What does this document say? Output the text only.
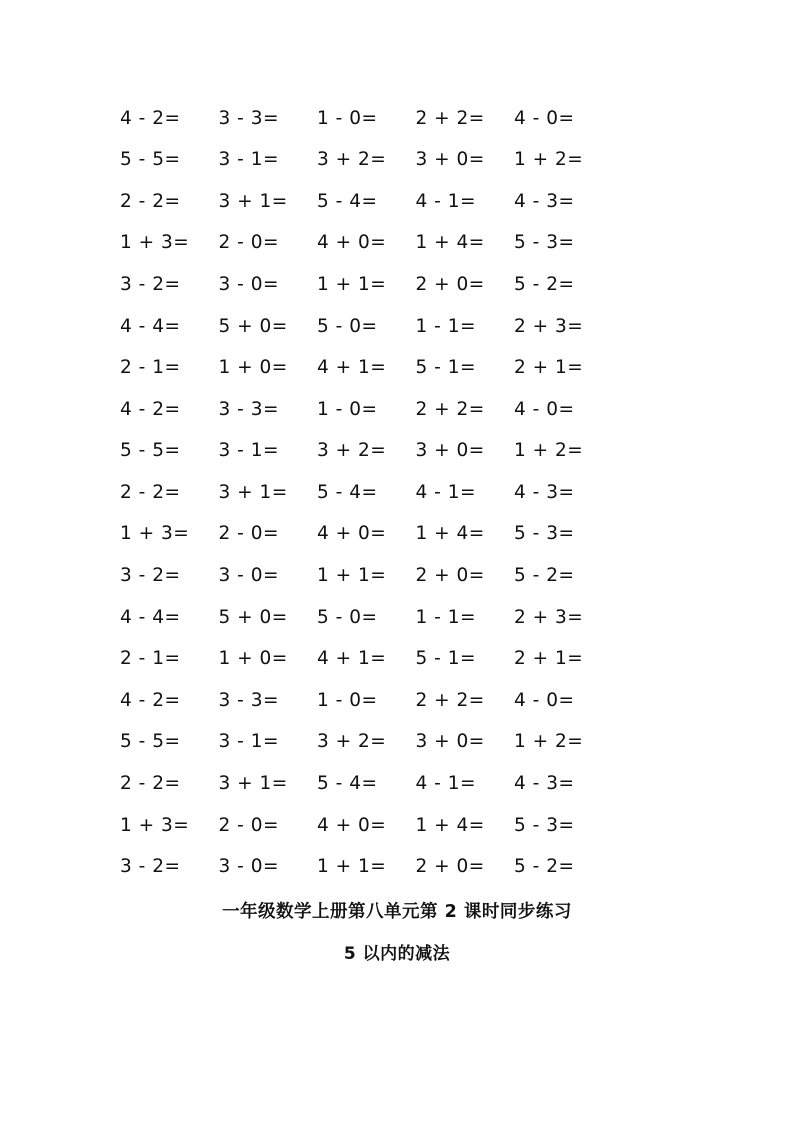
4 - 2=	3 - 3=	1 - 0=	2 + 2=	4 - 0=
5 - 5=	3 - 1=	3 + 2=	3 + 0=	1 + 2=
2 - 2=	3 + 1=	5 - 4=	4 - 1=	4 - 3=
1 + 3=	2 - 0=	4 + 0=	1 + 4=	5 - 3=
3 - 2=	3 - 0=	1 + 1=	2 + 0=	5 - 2=
4 - 4=	5 + 0=	5 - 0=	1 - 1=	2 + 3=
2 - 1=	1 + 0=	4 + 1=	5 - 1=	2 + 1=
4 - 2=	3 - 3=	1 - 0=	2 + 2=	4 - 0=
5 - 5=	3 - 1=	3 + 2=	3 + 0=	1 + 2=
2 - 2=	3 + 1=	5 - 4=	4 - 1=	4 - 3=
1 + 3=	2 - 0=	4 + 0=	1 + 4=	5 - 3=
3 - 2=	3 - 0=	1 + 1=	2 + 0=	5 - 2=
4 - 4=	5 + 0=	5 - 0=	1 - 1=	2 + 3=
2 - 1=	1 + 0=	4 + 1=	5 - 1=	2 + 1=
4 - 2=	3 - 3=	1 - 0=	2 + 2=	4 - 0=
5 - 5=	3 - 1=	3 + 2=	3 + 0=	1 + 2=
2 - 2=	3 + 1=	5 - 4=	4 - 1=	4 - 3=
1 + 3=	2 - 0=	4 + 0=	1 + 4=	5 - 3=
3 - 2=	3 - 0=	1 + 1=	2 + 0=	5 - 2=
一年级数学上册第八单元第 2 课时同步练习
5 以内的减法
